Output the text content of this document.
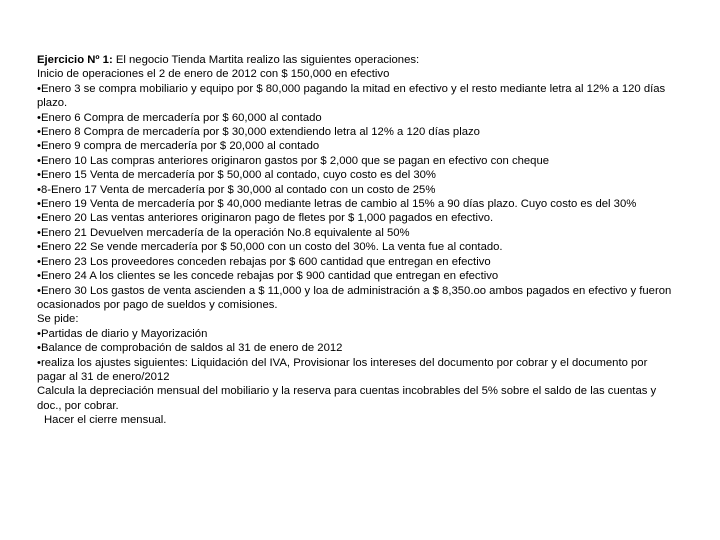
Ejercicio Nº 1: El negocio Tienda Martita realizo las siguientes operaciones:

Inicio de operaciones el 2 de enero de 2012 con $ 150,000 en efectivo

•Enero 3 se compra mobiliario y equipo por $ 80,000 pagando la mitad en efectivo y el resto mediante letra al 12% a 120 días plazo.

•Enero 6 Compra de mercadería por $ 60,000 al contado

•Enero 8 Compra de mercadería por $ 30,000 extendiendo letra al 12% a 120 días plazo

•Enero 9 compra de mercadería por $ 20,000 al contado

•Enero 10 Las compras anteriores originaron gastos por $ 2,000 que se pagan en efectivo con cheque

•Enero 15 Venta de mercadería por $ 50,000 al contado, cuyo costo es del 30%

•8-Enero 17 Venta de mercadería por $ 30,000 al contado con un costo de 25%

•Enero 19 Venta de mercadería por $ 40,000 mediante letras de cambio al 15% a 90 días plazo. Cuyo costo es del 30%

•Enero 20 Las ventas anteriores originaron pago de fletes por $ 1,000 pagados en efectivo.

•Enero 21 Devuelven mercadería de la operación No.8 equivalente al 50%

•Enero 22 Se vende mercadería por $ 50,000 con un costo del 30%. La venta fue al contado.

•Enero 23 Los proveedores conceden rebajas por $ 600 cantidad que entregan en efectivo

•Enero 24 A los clientes se les concede rebajas por $ 900 cantidad que entregan en efectivo

•Enero 30 Los gastos de venta ascienden a $ 11,000 y loa de administración a $ 8,350.oo ambos pagados en efectivo y fueron ocasionados por pago de sueldos y comisiones.

Se pide:

•Partidas de diario y Mayorización

•Balance de comprobación de saldos al 31 de enero de 2012

•realiza los ajustes siguientes: Liquidación del IVA, Provisionar los intereses del documento por cobrar y el documento por pagar al 31 de enero/2012

Calcula la depreciación mensual del mobiliario y la reserva para cuentas incobrables del 5% sobre el saldo de las cuentas y doc., por cobrar.

Hacer el cierre mensual.
